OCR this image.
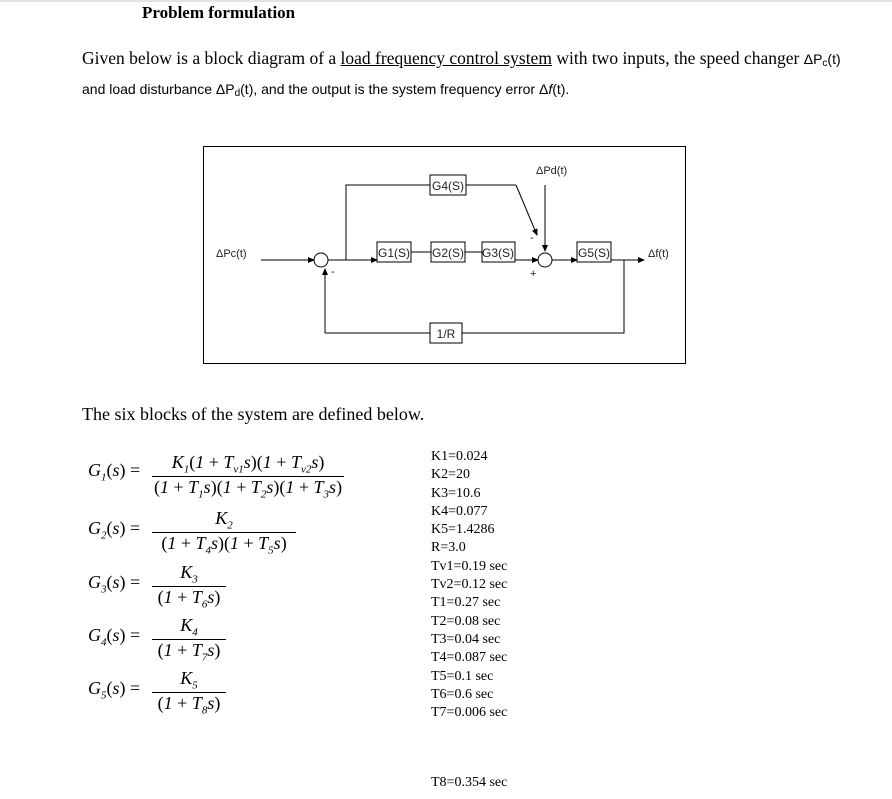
Problem formulation
Given below is a block diagram of a load frequency control system with two inputs, the speed changer $\Delta P_c(t)$ and load disturbance $\Delta P_d(t)$, and the output is the system frequency error Δf(t).
G4(S)
G1(S) G2(S) G3(S)	G5(S)
1/R
ΔPc(t)
ΔPd(t)
Δf(t)
-
-
+
The six blocks of the system are defined below.
$G_1(s)$ =	$K_1(1 + T_{v1}s)(1 + T_{v2}s)$
$(1 + T_1s)(1 + T_2s)(1 + T_3s)$
$G_2(s)$ =	$K_2$
$(1 + T_4s)(1 + T_5s)$
$G_3(s)$ =	$K_3$
$(1 + T_6s)$
$G_4(s)$ =	$K_4$
$(1 + T_7s)$
$G_5(s)$ =	$K_5$
$(1 + T_8s)$
K1=0.024
K2=20
K3=10.6
K4=0.077
K5=1.4286
R=3.0
Tv1=0.19 sec
Tv2=0.12 sec
T1=0.27 sec
T2=0.08 sec
T3=0.04 sec
T4=0.087 sec
T5=0.1 sec
T6=0.6 sec
T7=0.006 sec
T8=0.354 sec
